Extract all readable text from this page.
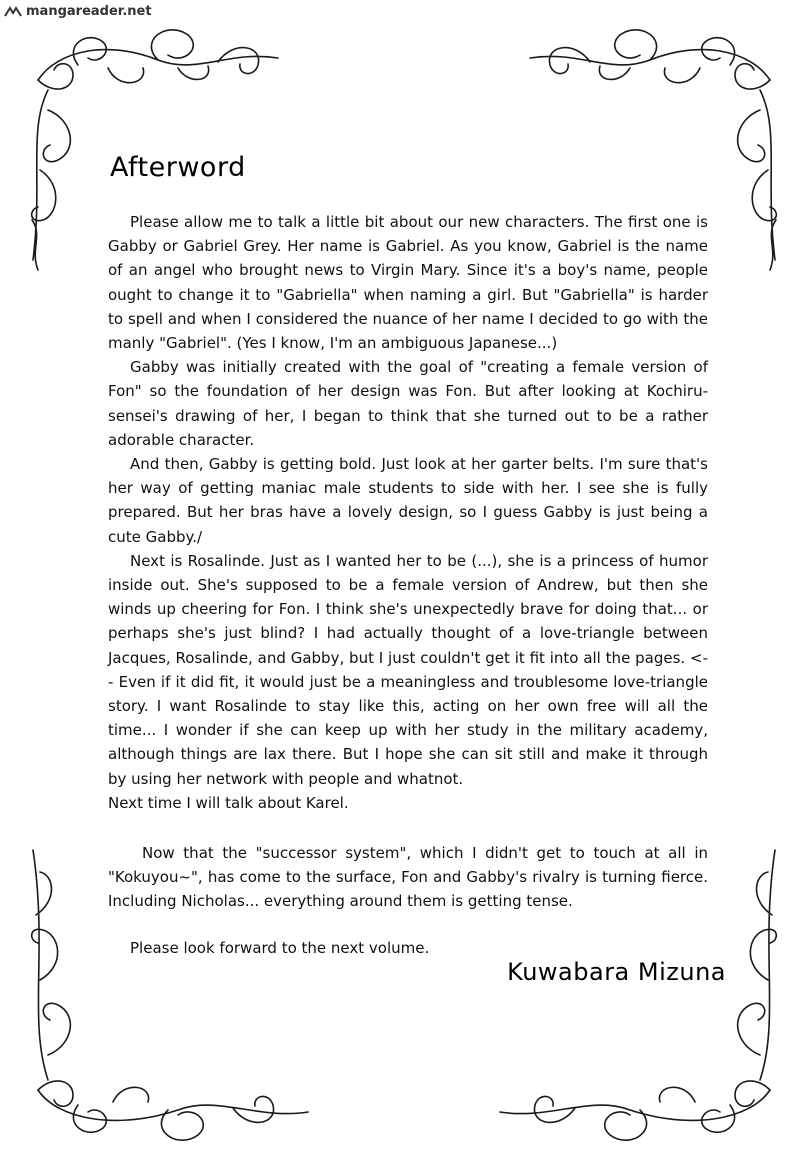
mangareader.net
Afterword

Please allow me to talk a little bit about our new characters. The first one is Gabby or Gabriel Grey. Her name is Gabriel. As you know, Gabriel is the name of an angel who brought news to Virgin Mary. Since it's a boy's name, people ought to change it to "Gabriella" when naming a girl. But "Gabriella" is harder to spell and when I considered the nuance of her name I decided to go with the manly "Gabriel". (Yes I know, I'm an ambiguous Japanese...)

Gabby was initially created with the goal of "creating a female version of Fon" so the foundation of her design was Fon. But after looking at Kochiru-sensei's drawing of her, I began to think that she turned out to be a rather adorable character.

And then, Gabby is getting bold. Just look at her garter belts. I'm sure that's her way of getting maniac male students to side with her. I see she is fully prepared. But her bras have a lovely design, so I guess Gabby is just being a cute Gabby./

Next is Rosalinde. Just as I wanted her to be (...), she is a princess of humor inside out. She's supposed to be a female version of Andrew, but then she winds up cheering for Fon. I think she's unexpectedly brave for doing that... or perhaps she's just blind? I had actually thought of a love-triangle between Jacques, Rosalinde, and Gabby, but I just couldn't get it fit into all the pages. <-- Even if it did fit, it would just be a meaningless and troublesome love-triangle story. I want Rosalinde to stay like this, acting on her own free will all the time... I wonder if she can keep up with her study in the military academy, although things are lax there. But I hope she can sit still and make it through by using her network with people and whatnot.

Next time I will talk about Karel.

Now that the "successor system", which I didn't get to touch at all in "Kokuyou~", has come to the surface, Fon and Gabby's rivalry is turning fierce. Including Nicholas... everything around them is getting tense.

Please look forward to the next volume.

Kuwabara Mizuna
